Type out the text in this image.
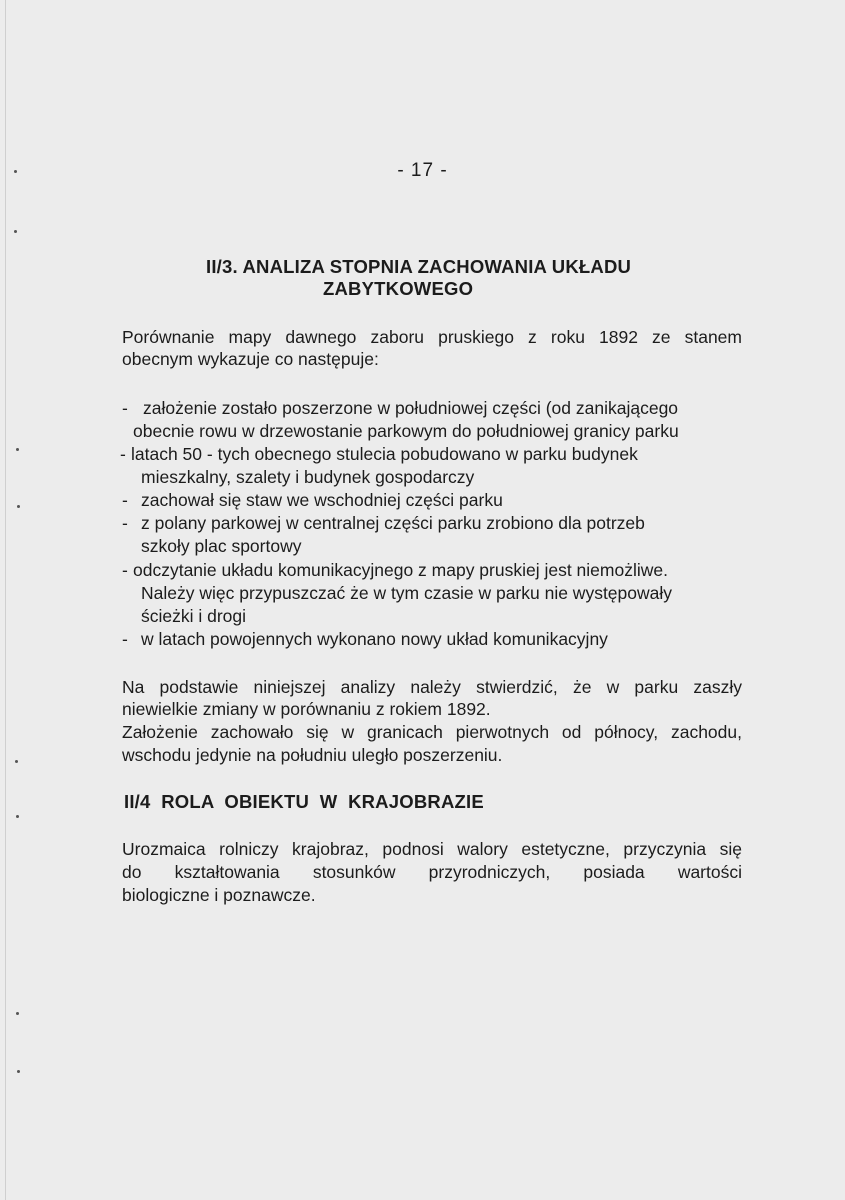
- 17 -
II/3. ANALIZA STOPNIA ZACHOWANIA UKŁADU
ZABYTKOWEGO
Porównanie mapy dawnego zaboru pruskiego z roku 1892 ze stanem
obecnym wykazuje co następuje:
- założenie zostało poszerzone w południowej części (od zanikającego
obecnie rowu w drzewostanie parkowym do południowej granicy parku
- latach 50 - tych obecnego stulecia pobudowano w parku budynek
mieszkalny, szalety i budynek gospodarczy
- zachował się staw we wschodniej części parku
- z polany parkowej w centralnej części parku zrobiono dla potrzeb
szkoły plac sportowy
- odczytanie układu komunikacyjnego z mapy pruskiej jest niemożliwe.
Należy więc przypuszczać że w tym czasie w parku nie występowały
ścieżki i drogi
- w latach powojennych wykonano nowy układ komunikacyjny
Na podstawie niniejszej analizy należy stwierdzić, że w parku zaszły
niewielkie zmiany w porównaniu z rokiem 1892.
Założenie zachowało się w granicach pierwotnych od północy, zachodu,
wschodu jedynie na południu uległo poszerzeniu.
II/4  ROLA  OBIEKTU  W  KRAJOBRAZIE
Urozmaica rolniczy krajobraz, podnosi walory estetyczne, przyczynia się
do kształtowania stosunków przyrodniczych, posiada wartości
biologiczne i poznawcze.
